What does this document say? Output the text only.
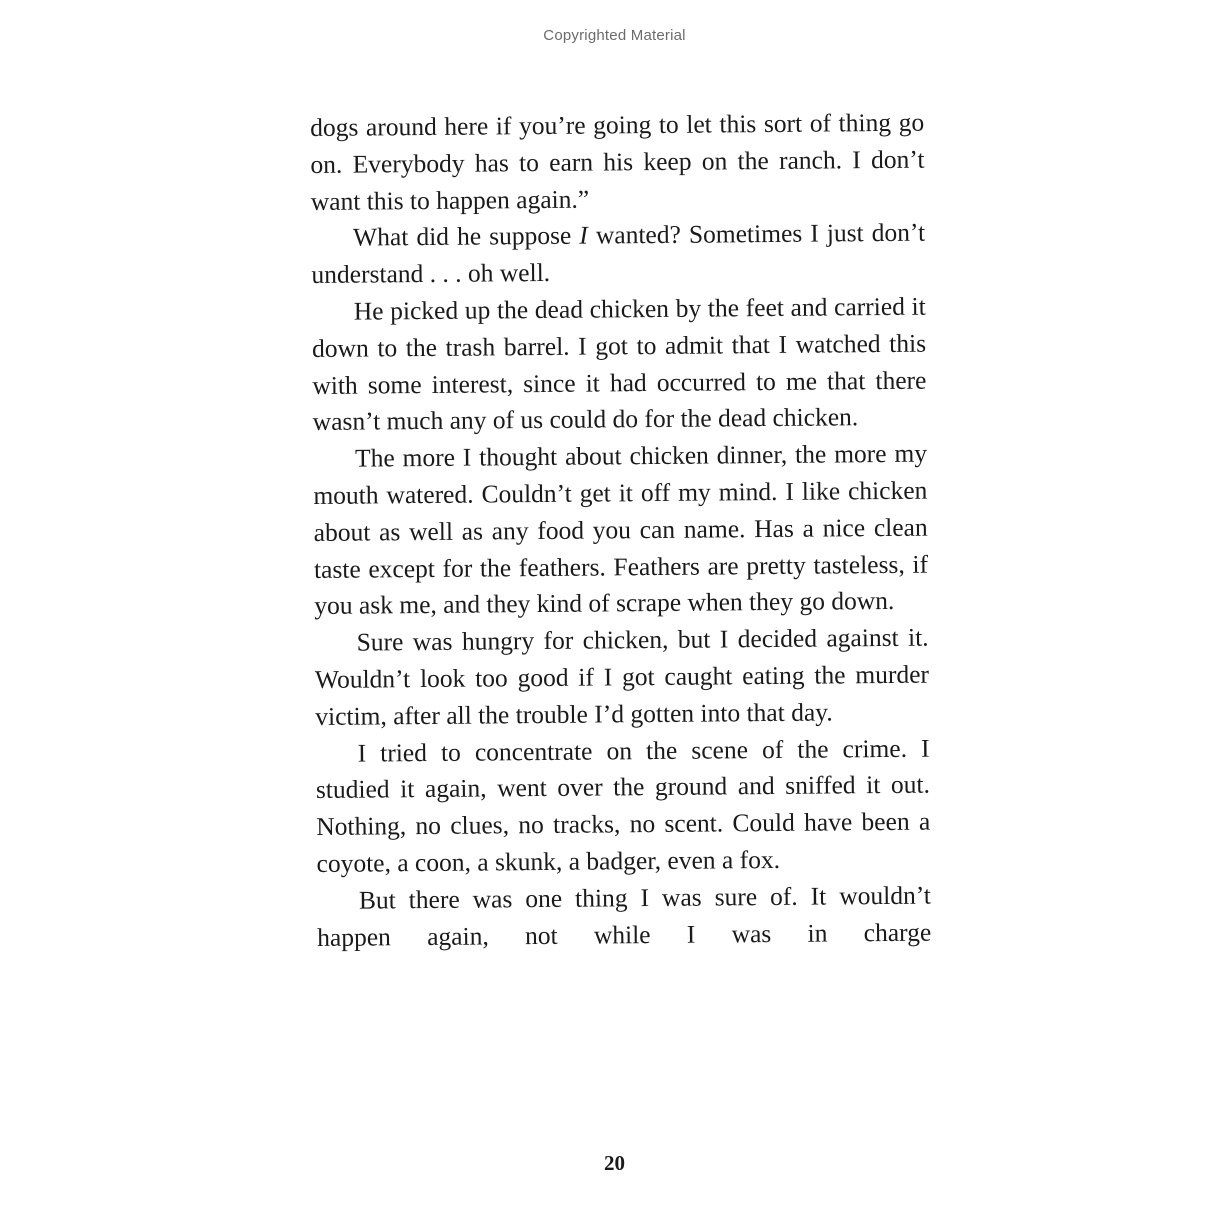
Copyrighted Material

dogs around here if you’re going to let this sort of thing go on. Everybody has to earn his keep on the ranch. I don’t want this to happen again.”

What did he suppose I wanted? Sometimes I just don’t understand . . . oh well.

He picked up the dead chicken by the feet and carried it down to the trash barrel. I got to admit that I watched this with some interest, since it had occurred to me that there wasn’t much any of us could do for the dead chicken.

The more I thought about chicken dinner, the more my mouth watered. Couldn’t get it off my mind. I like chicken about as well as any food you can name. Has a nice clean taste except for the feathers. Feathers are pretty tasteless, if you ask me, and they kind of scrape when they go down.

Sure was hungry for chicken, but I decided against it. Wouldn’t look too good if I got caught eating the murder victim, after all the trouble I’d gotten into that day.

I tried to concentrate on the scene of the crime. I studied it again, went over the ground and sniffed it out. Nothing, no clues, no tracks, no scent. Could have been a coyote, a coon, a skunk, a badger, even a fox.

But there was one thing I was sure of. It wouldn’t happen again, not while I was in charge

20
